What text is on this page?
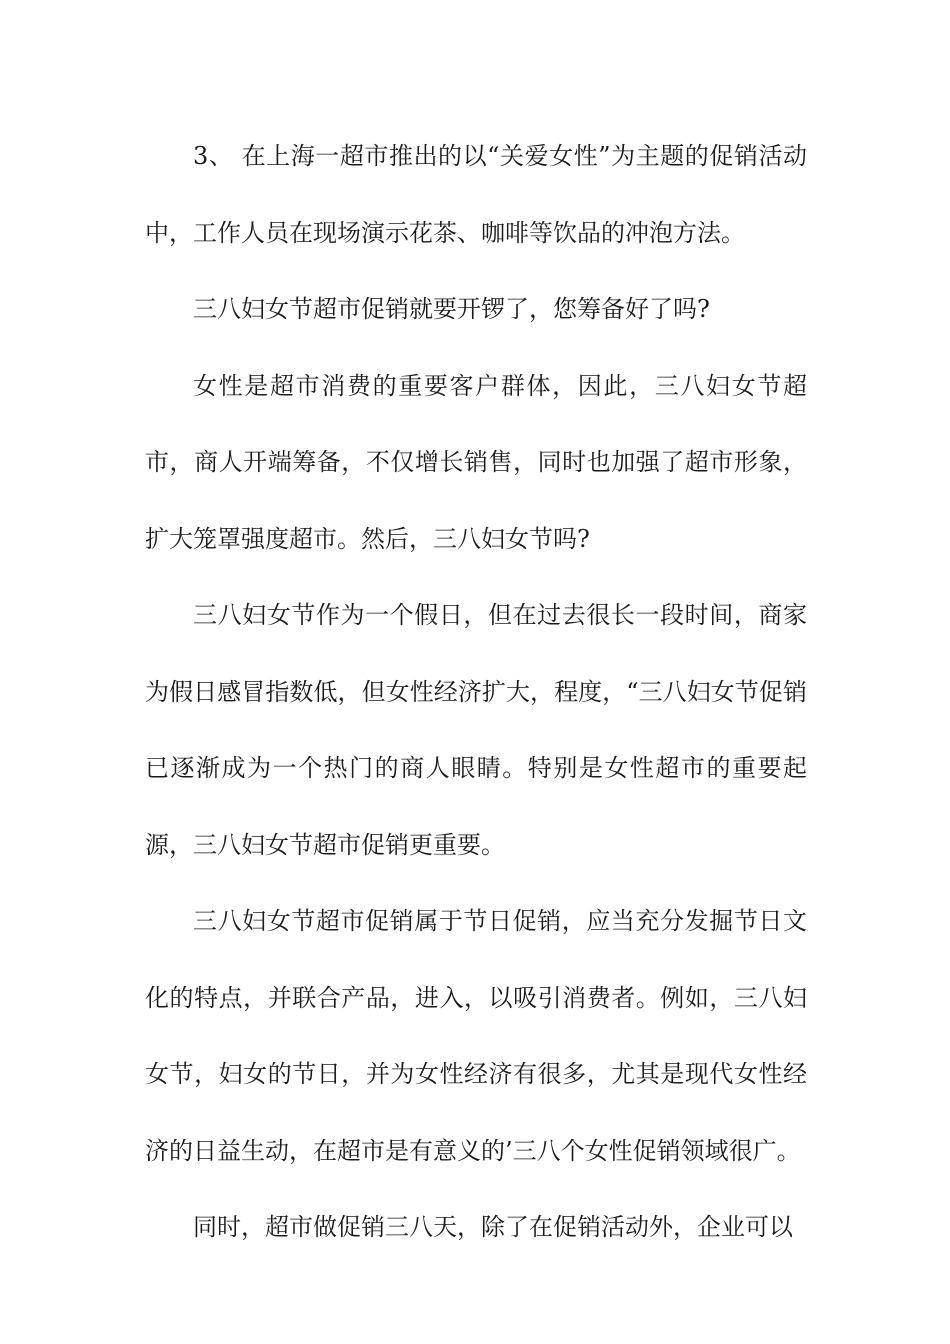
3、 在上海一超市推出的以“关爱女性”为主题的促销活动中，工作人员在现场演示花茶、咖啡等饮品的冲泡方法。

三八妇女节超市促销就要开锣了，您筹备好了吗?

女性是超市消费的重要客户群体，因此，三八妇女节超市，商人开端筹备，不仅增长销售，同时也加强了超市形象，扩大笼罩强度超市。然后，三八妇女节吗?

三八妇女节作为一个假日，但在过去很长一段时间，商家为假日感冒指数低，但女性经济扩大，程度，“三八妇女节促销已逐渐成为一个热门的商人眼睛。特别是女性超市的重要起源，三八妇女节超市促销更重要。

三八妇女节超市促销属于节日促销，应当充分发掘节日文化的特点，并联合产品，进入，以吸引消费者。例如，三八妇女节，妇女的节日，并为女性经济有很多，尤其是现代女性经济的日益生动，在超市是有意义的’三八个女性促销领域很广。

同时，超市做促销三八天，除了在促销活动外，企业可以
